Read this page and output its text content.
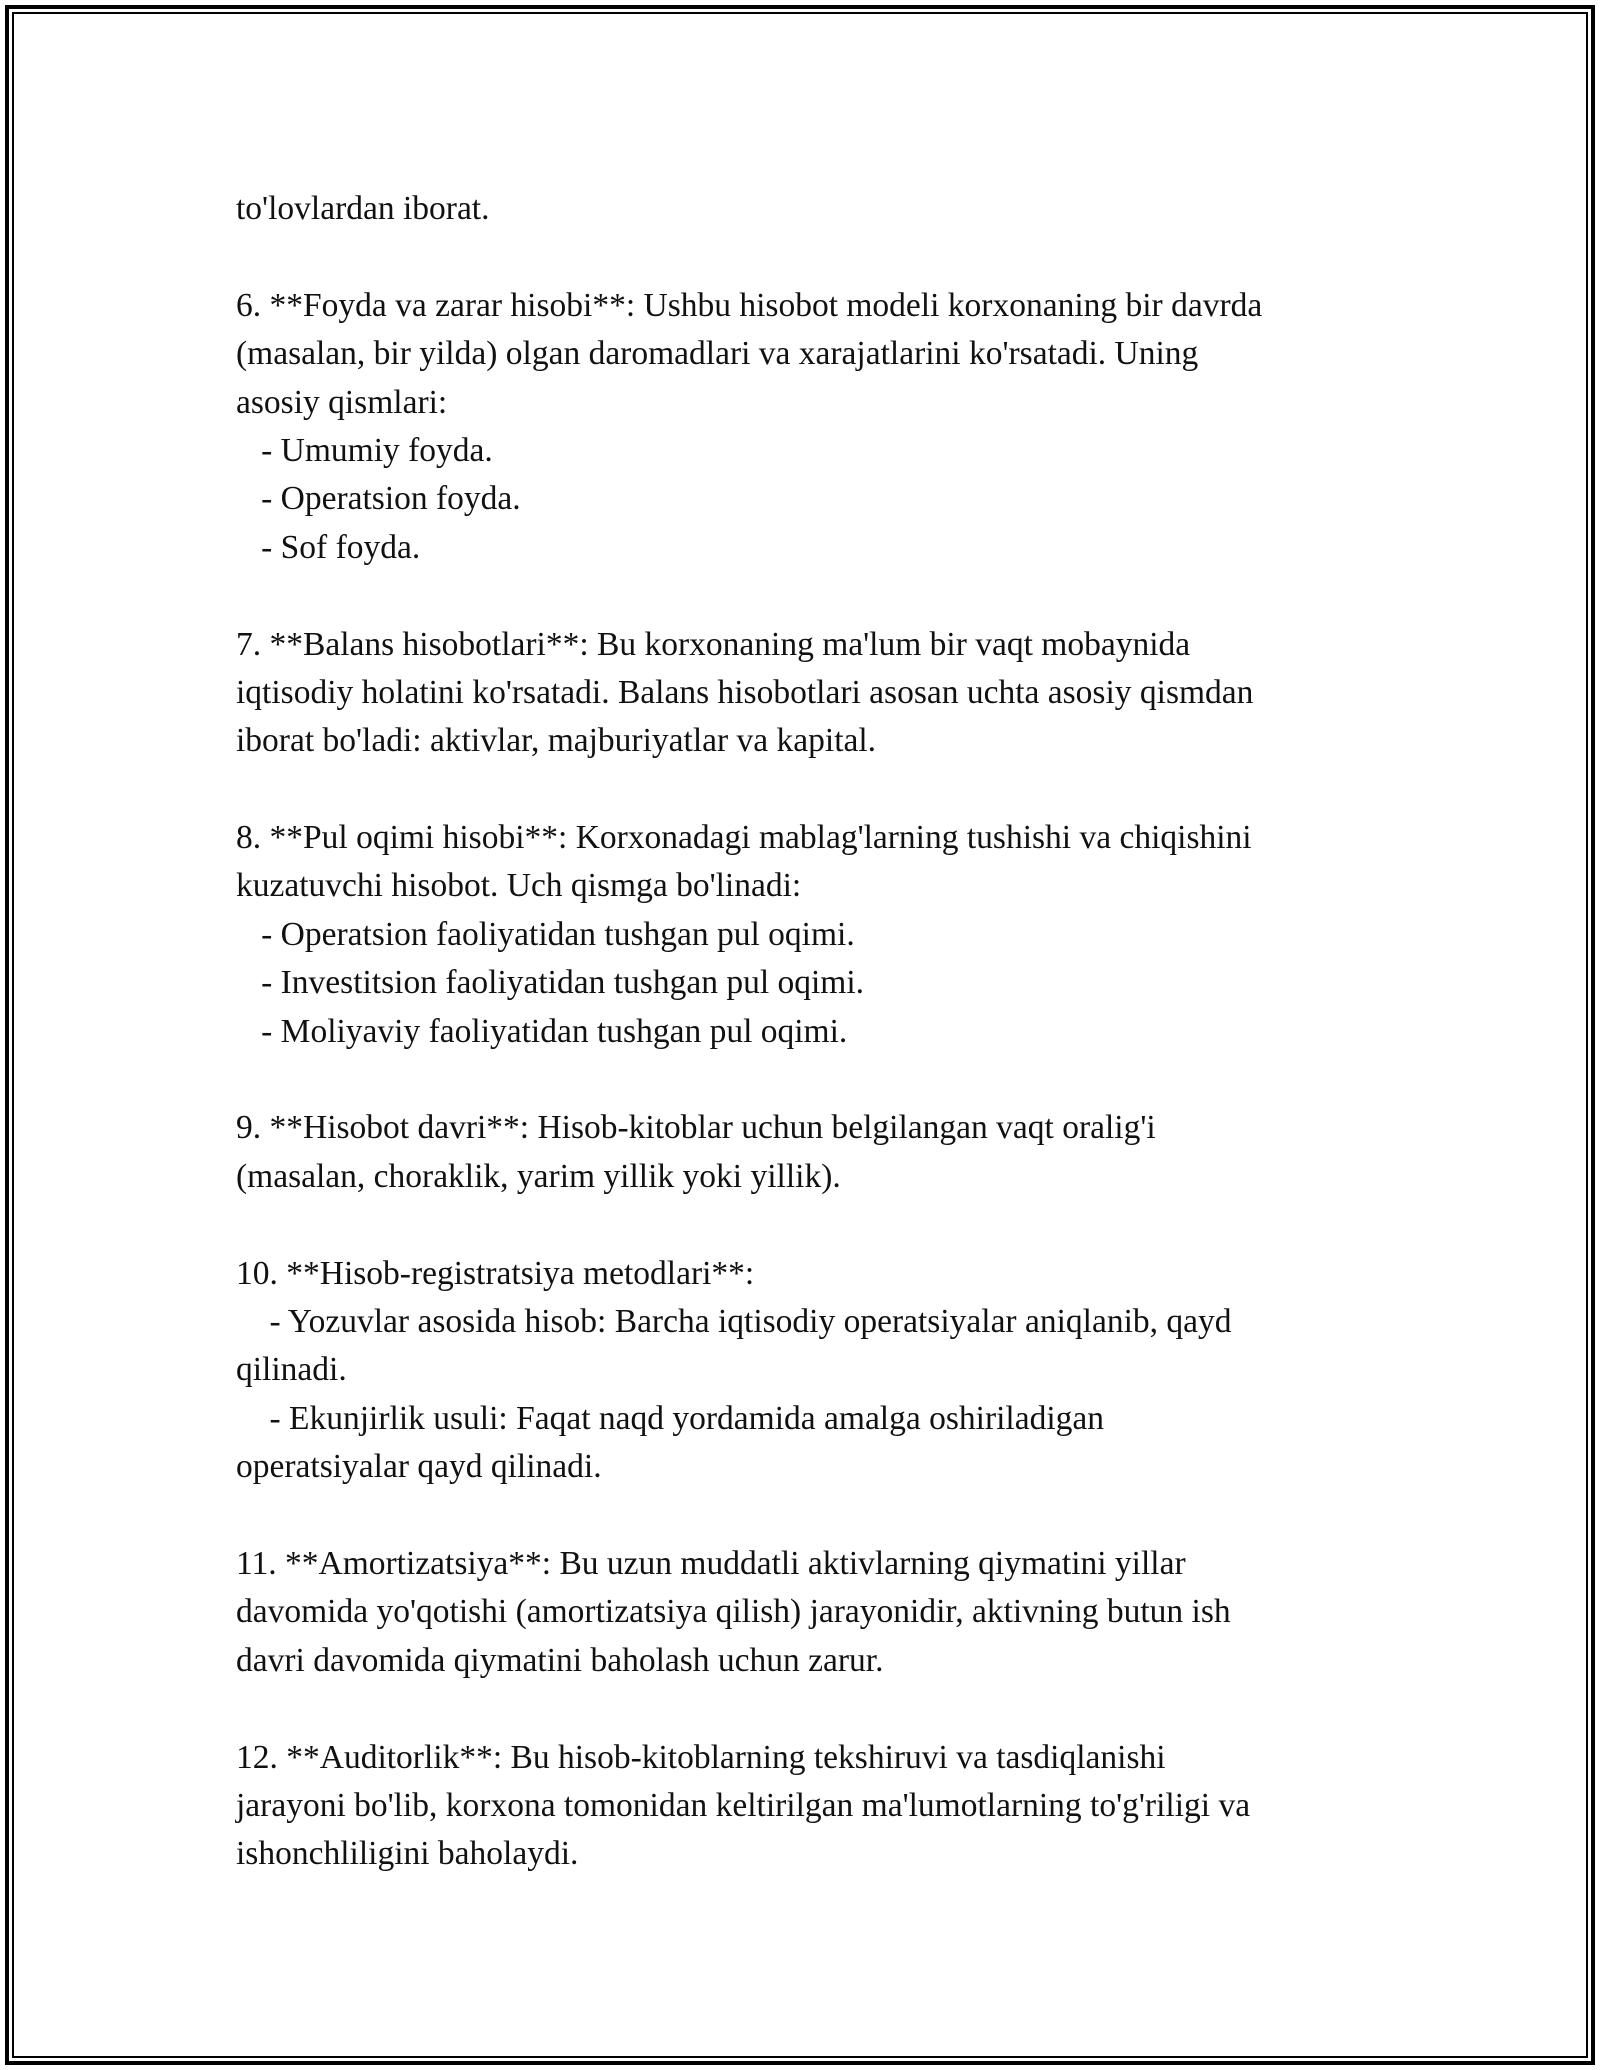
to'lovlardan iborat.
6. **Foyda va zarar hisobi**: Ushbu hisobot modeli korxonaning bir davrda
(masalan, bir yilda) olgan daromadlari va xarajatlarini ko'rsatadi. Uning
asosiy qismlari:
- Umumiy foyda.
- Operatsion foyda.
- Sof foyda.
7. **Balans hisobotlari**: Bu korxonaning ma'lum bir vaqt mobaynida
iqtisodiy holatini ko'rsatadi. Balans hisobotlari asosan uchta asosiy qismdan
iborat bo'ladi: aktivlar, majburiyatlar va kapital.
8. **Pul oqimi hisobi**: Korxonadagi mablag'larning tushishi va chiqishini
kuzatuvchi hisobot. Uch qismga bo'linadi:
- Operatsion faoliyatidan tushgan pul oqimi.
- Investitsion faoliyatidan tushgan pul oqimi.
- Moliyaviy faoliyatidan tushgan pul oqimi.
9. **Hisobot davri**: Hisob-kitoblar uchun belgilangan vaqt oralig'i
(masalan, choraklik, yarim yillik yoki yillik).
10. **Hisob-registratsiya metodlari**:
- Yozuvlar asosida hisob: Barcha iqtisodiy operatsiyalar aniqlanib, qayd
qilinadi.
- Ekunjirlik usuli: Faqat naqd yordamida amalga oshiriladigan
operatsiyalar qayd qilinadi.
11. **Amortizatsiya**: Bu uzun muddatli aktivlarning qiymatini yillar
davomida yo'qotishi (amortizatsiya qilish) jarayonidir, aktivning butun ish
davri davomida qiymatini baholash uchun zarur.
12. **Auditorlik**: Bu hisob-kitoblarning tekshiruvi va tasdiqlanishi
jarayoni bo'lib, korxona tomonidan keltirilgan ma'lumotlarning to'g'riligi va
ishonchliligini baholaydi.
